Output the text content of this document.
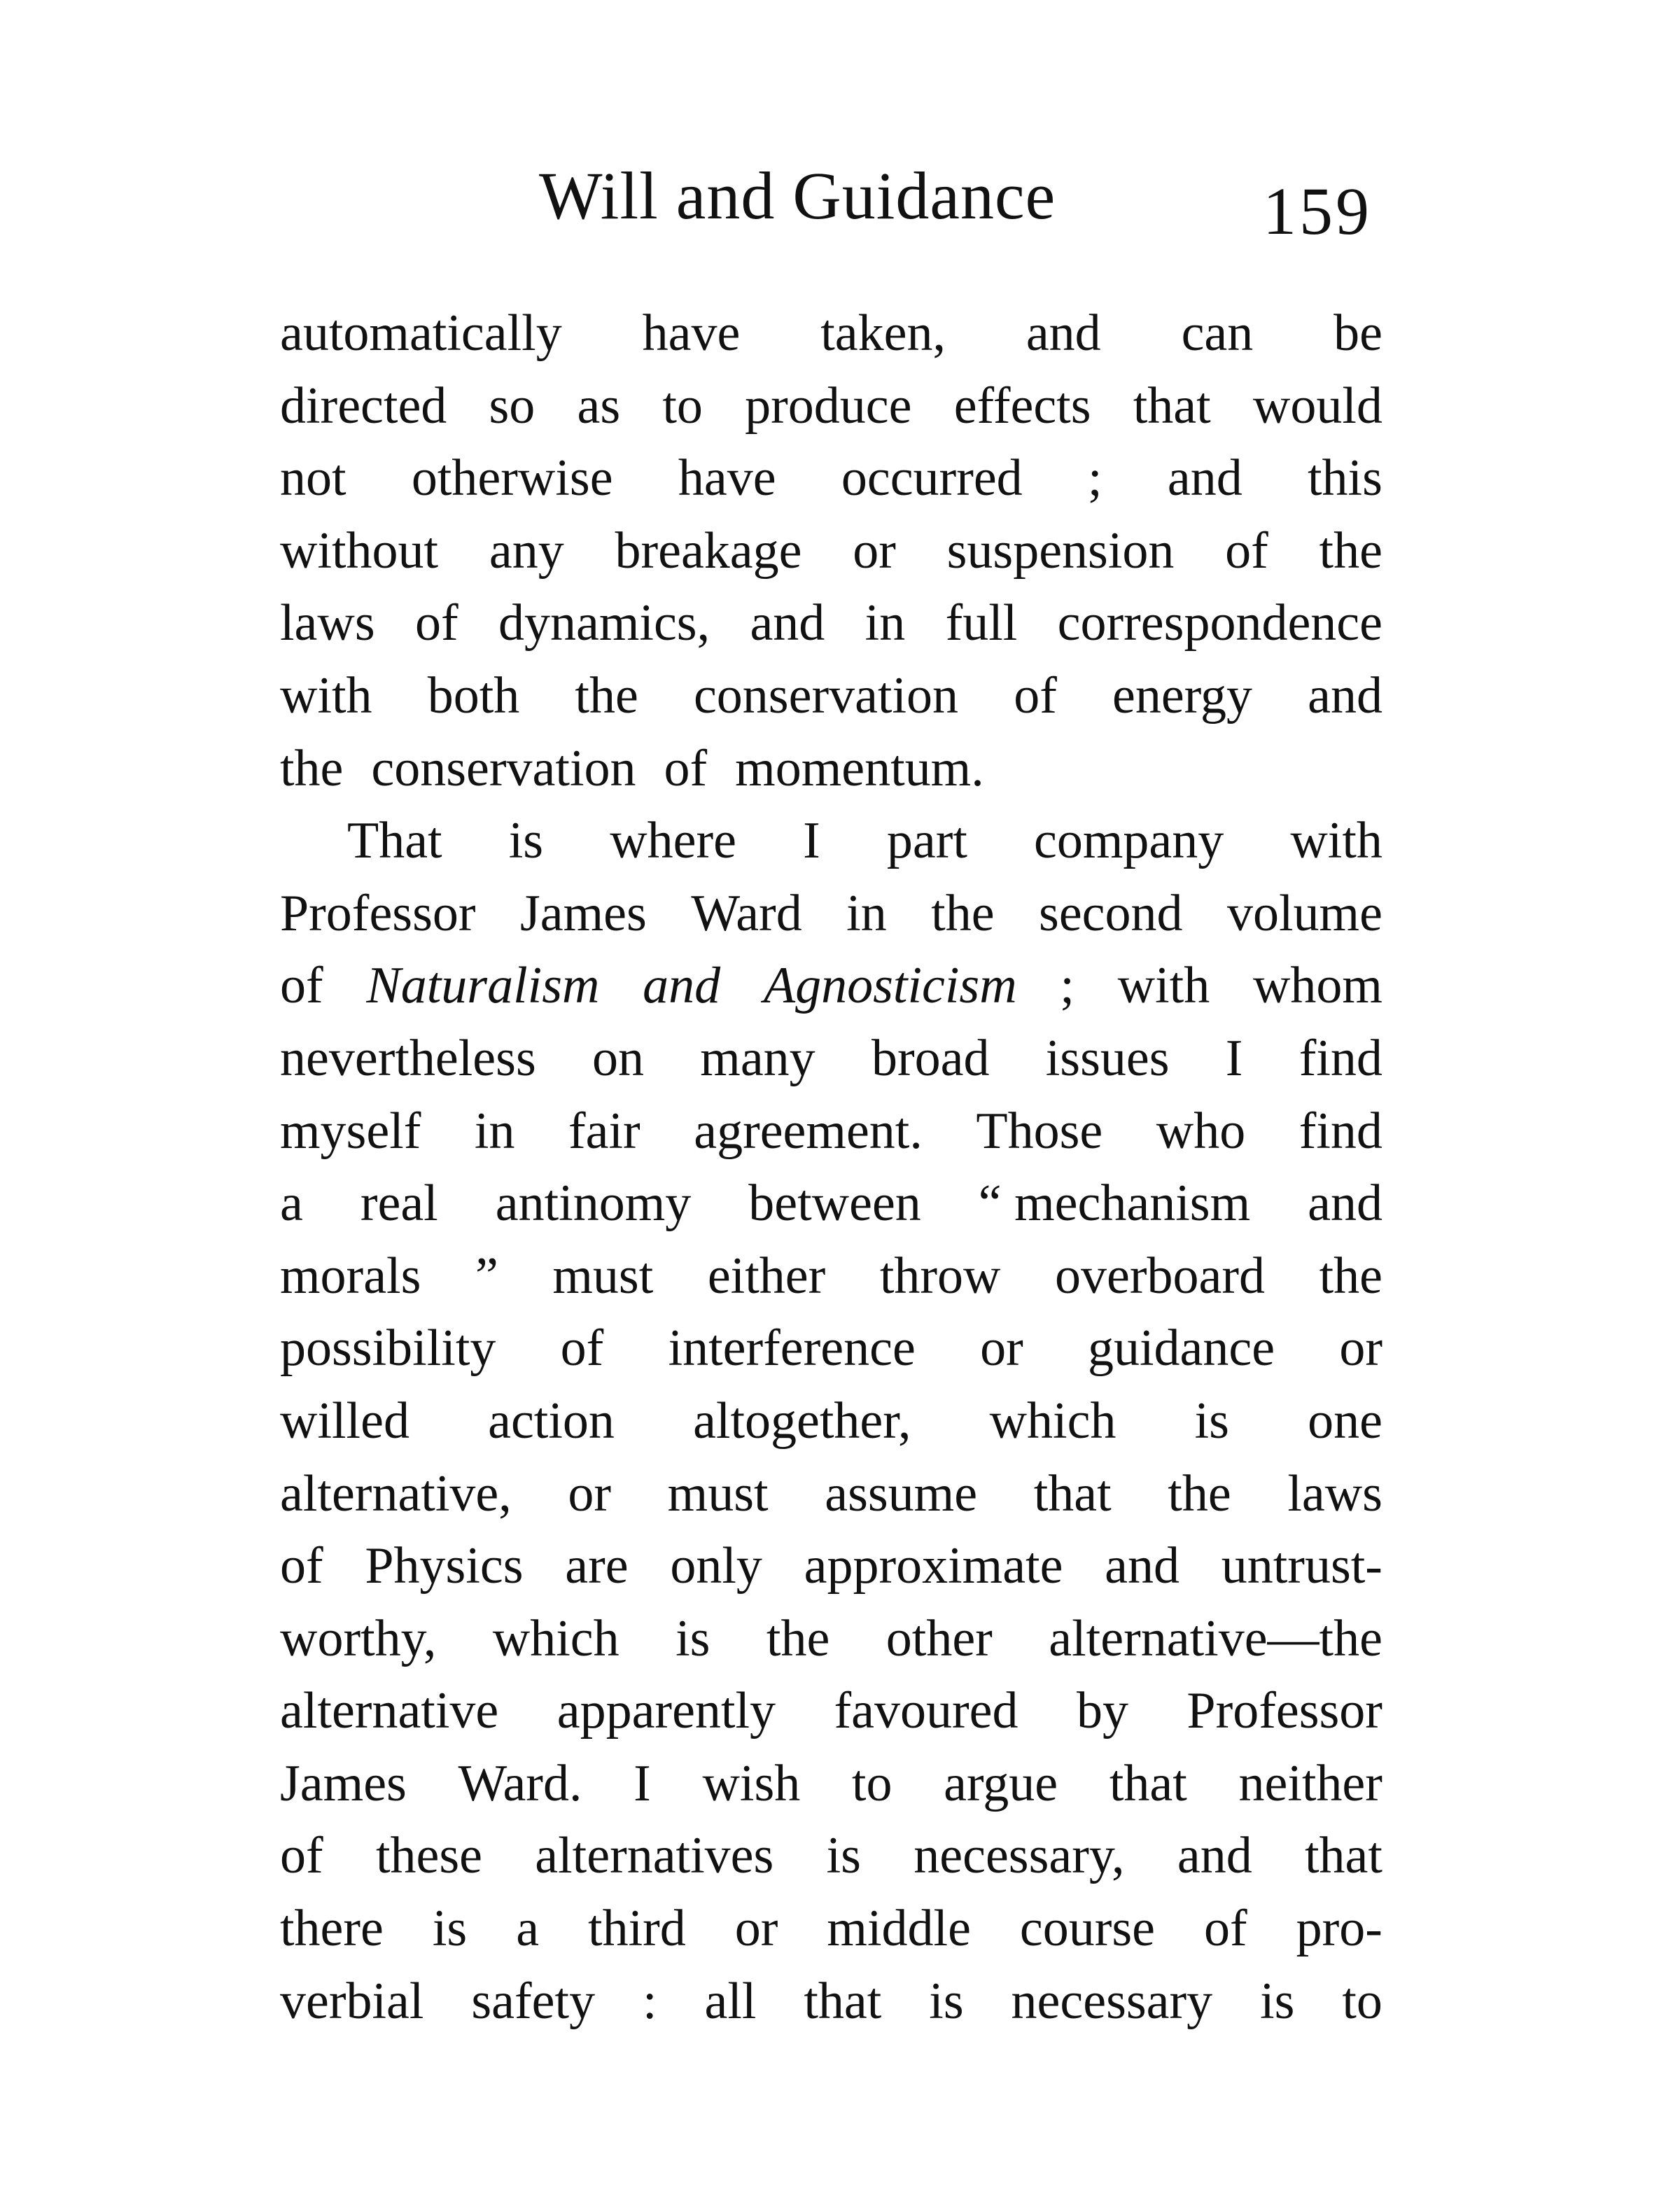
Will and Guidance	159
automatically have taken, and can be
directed so as to produce effects that would
not otherwise have occurred ; and this
without any breakage or suspension of the
laws of dynamics, and in full correspondence
with both the conservation of energy and
the conservation of momentum.
That is where I part company with
Professor James Ward in the second volume
of Naturalism and Agnosticism ; with whom
nevertheless on many broad issues I find
myself in fair agreement. Those who find
a real antinomy between “ mechanism and
morals ” must either throw overboard the
possibility of interference or guidance or
willed action altogether, which is one
alternative, or must assume that the laws
of Physics are only approximate and untrust-
worthy, which is the other alternative—the
alternative apparently favoured by Professor
James Ward. I wish to argue that neither
of these alternatives is necessary, and that
there is a third or middle course of pro-
verbial safety : all that is necessary is to
